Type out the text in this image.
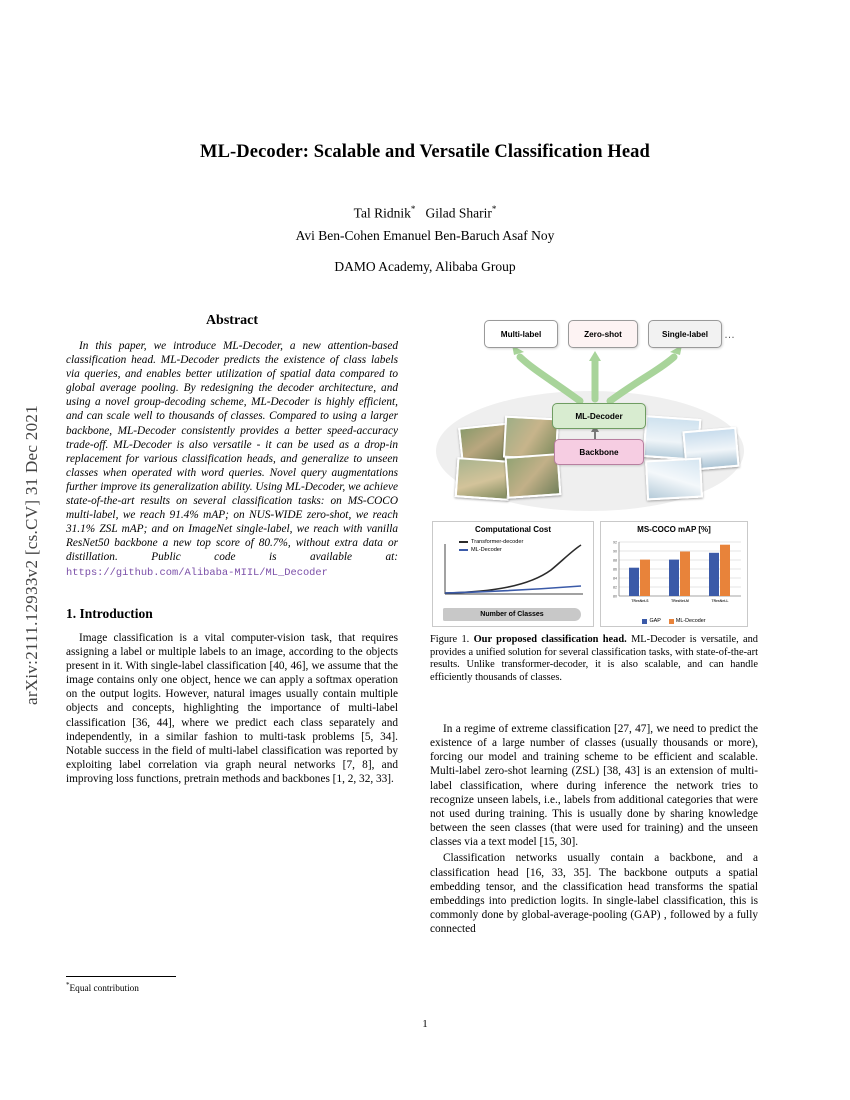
arXiv:2111.12933v2 [cs.CV] 31 Dec 2021
ML-Decoder: Scalable and Versatile Classification Head
Tal Ridnik* Gilad Sharir*
Avi Ben-Cohen Emanuel Ben-Baruch Asaf Noy
DAMO Academy, Alibaba Group
Abstract
In this paper, we introduce ML-Decoder, a new attention-based classification head. ML-Decoder predicts the existence of class labels via queries, and enables better utilization of spatial data compared to global average pooling. By redesigning the decoder architecture, and using a novel group-decoding scheme, ML-Decoder is highly efficient, and can scale well to thousands of classes. Compared to using a larger backbone, ML-Decoder consistently provides a better speed-accuracy trade-off. ML-Decoder is also versatile - it can be used as a drop-in replacement for various classification heads, and generalize to unseen classes when operated with word queries. Novel query augmentations further improve its generalization ability. Using ML-Decoder, we achieve state-of-the-art results on several classification tasks: on MS-COCO multi-label, we reach 91.4% mAP; on NUS-WIDE zero-shot, we reach 31.1% ZSL mAP; and on ImageNet single-label, we reach with vanilla ResNet50 backbone a new top score of 80.7%, without extra data or distillation. Public code is available at: https://github.com/Alibaba-MIIL/ML_Decoder
1. Introduction

Image classification is a vital computer-vision task, that requires assigning a label or multiple labels to an image, according to the objects present in it. With single-label classification [40, 46], we assume that the image contains only one object, hence we can apply a softmax operation on the output logits. However, natural images usually contain multiple objects and concepts, highlighting the importance of multi-label classification [36, 44], where we predict each class separately and independently, in a similar fashion to multi-task problems [5, 34]. Notable success in the field of multi-label classification was reported by exploiting label correlation via graph neural networks [7, 8], and improving loss functions, pretrain methods and backbones [1, 2, 32, 33].

Multi-label	Zero-shot	Single-label	…
ML-Decoder
Backbone
Computational Cost
Transformer-decoder
ML-Decoder
Number of Classes
MS-COCO mAP [%]
80
82
84
86
88
90
92
TResNet-S	TResNet-M	TResNet-L
GAP	ML-Decoder
Figure 1. Our proposed classification head. ML-Decoder is versatile, and provides a unified solution for several classification tasks, with state-of-the-art results. Unlike transformer-decoder, it is also scalable, and can handle efficiently thousands of classes.

In a regime of extreme classification [27, 47], we need to predict the existence of a large number of classes (usually thousands or more), forcing our model and training scheme to be efficient and scalable. Multi-label zero-shot learning (ZSL) [38, 43] is an extension of multi-label classification, where during inference the network tries to recognize unseen labels, i.e., labels from additional categories that were not used during training. This is usually done by sharing knowledge between the seen classes (that were used for training) and the unseen classes via a text model [15, 30].

Classification networks usually contain a backbone, and a classification head [16, 33, 35]. The backbone outputs a spatial embedding tensor, and the classification head transforms the spatial embeddings into prediction logits. In single-label classification, this is commonly done by global-average-pooling (GAP) , followed by a fully connected

*Equal contribution
1
